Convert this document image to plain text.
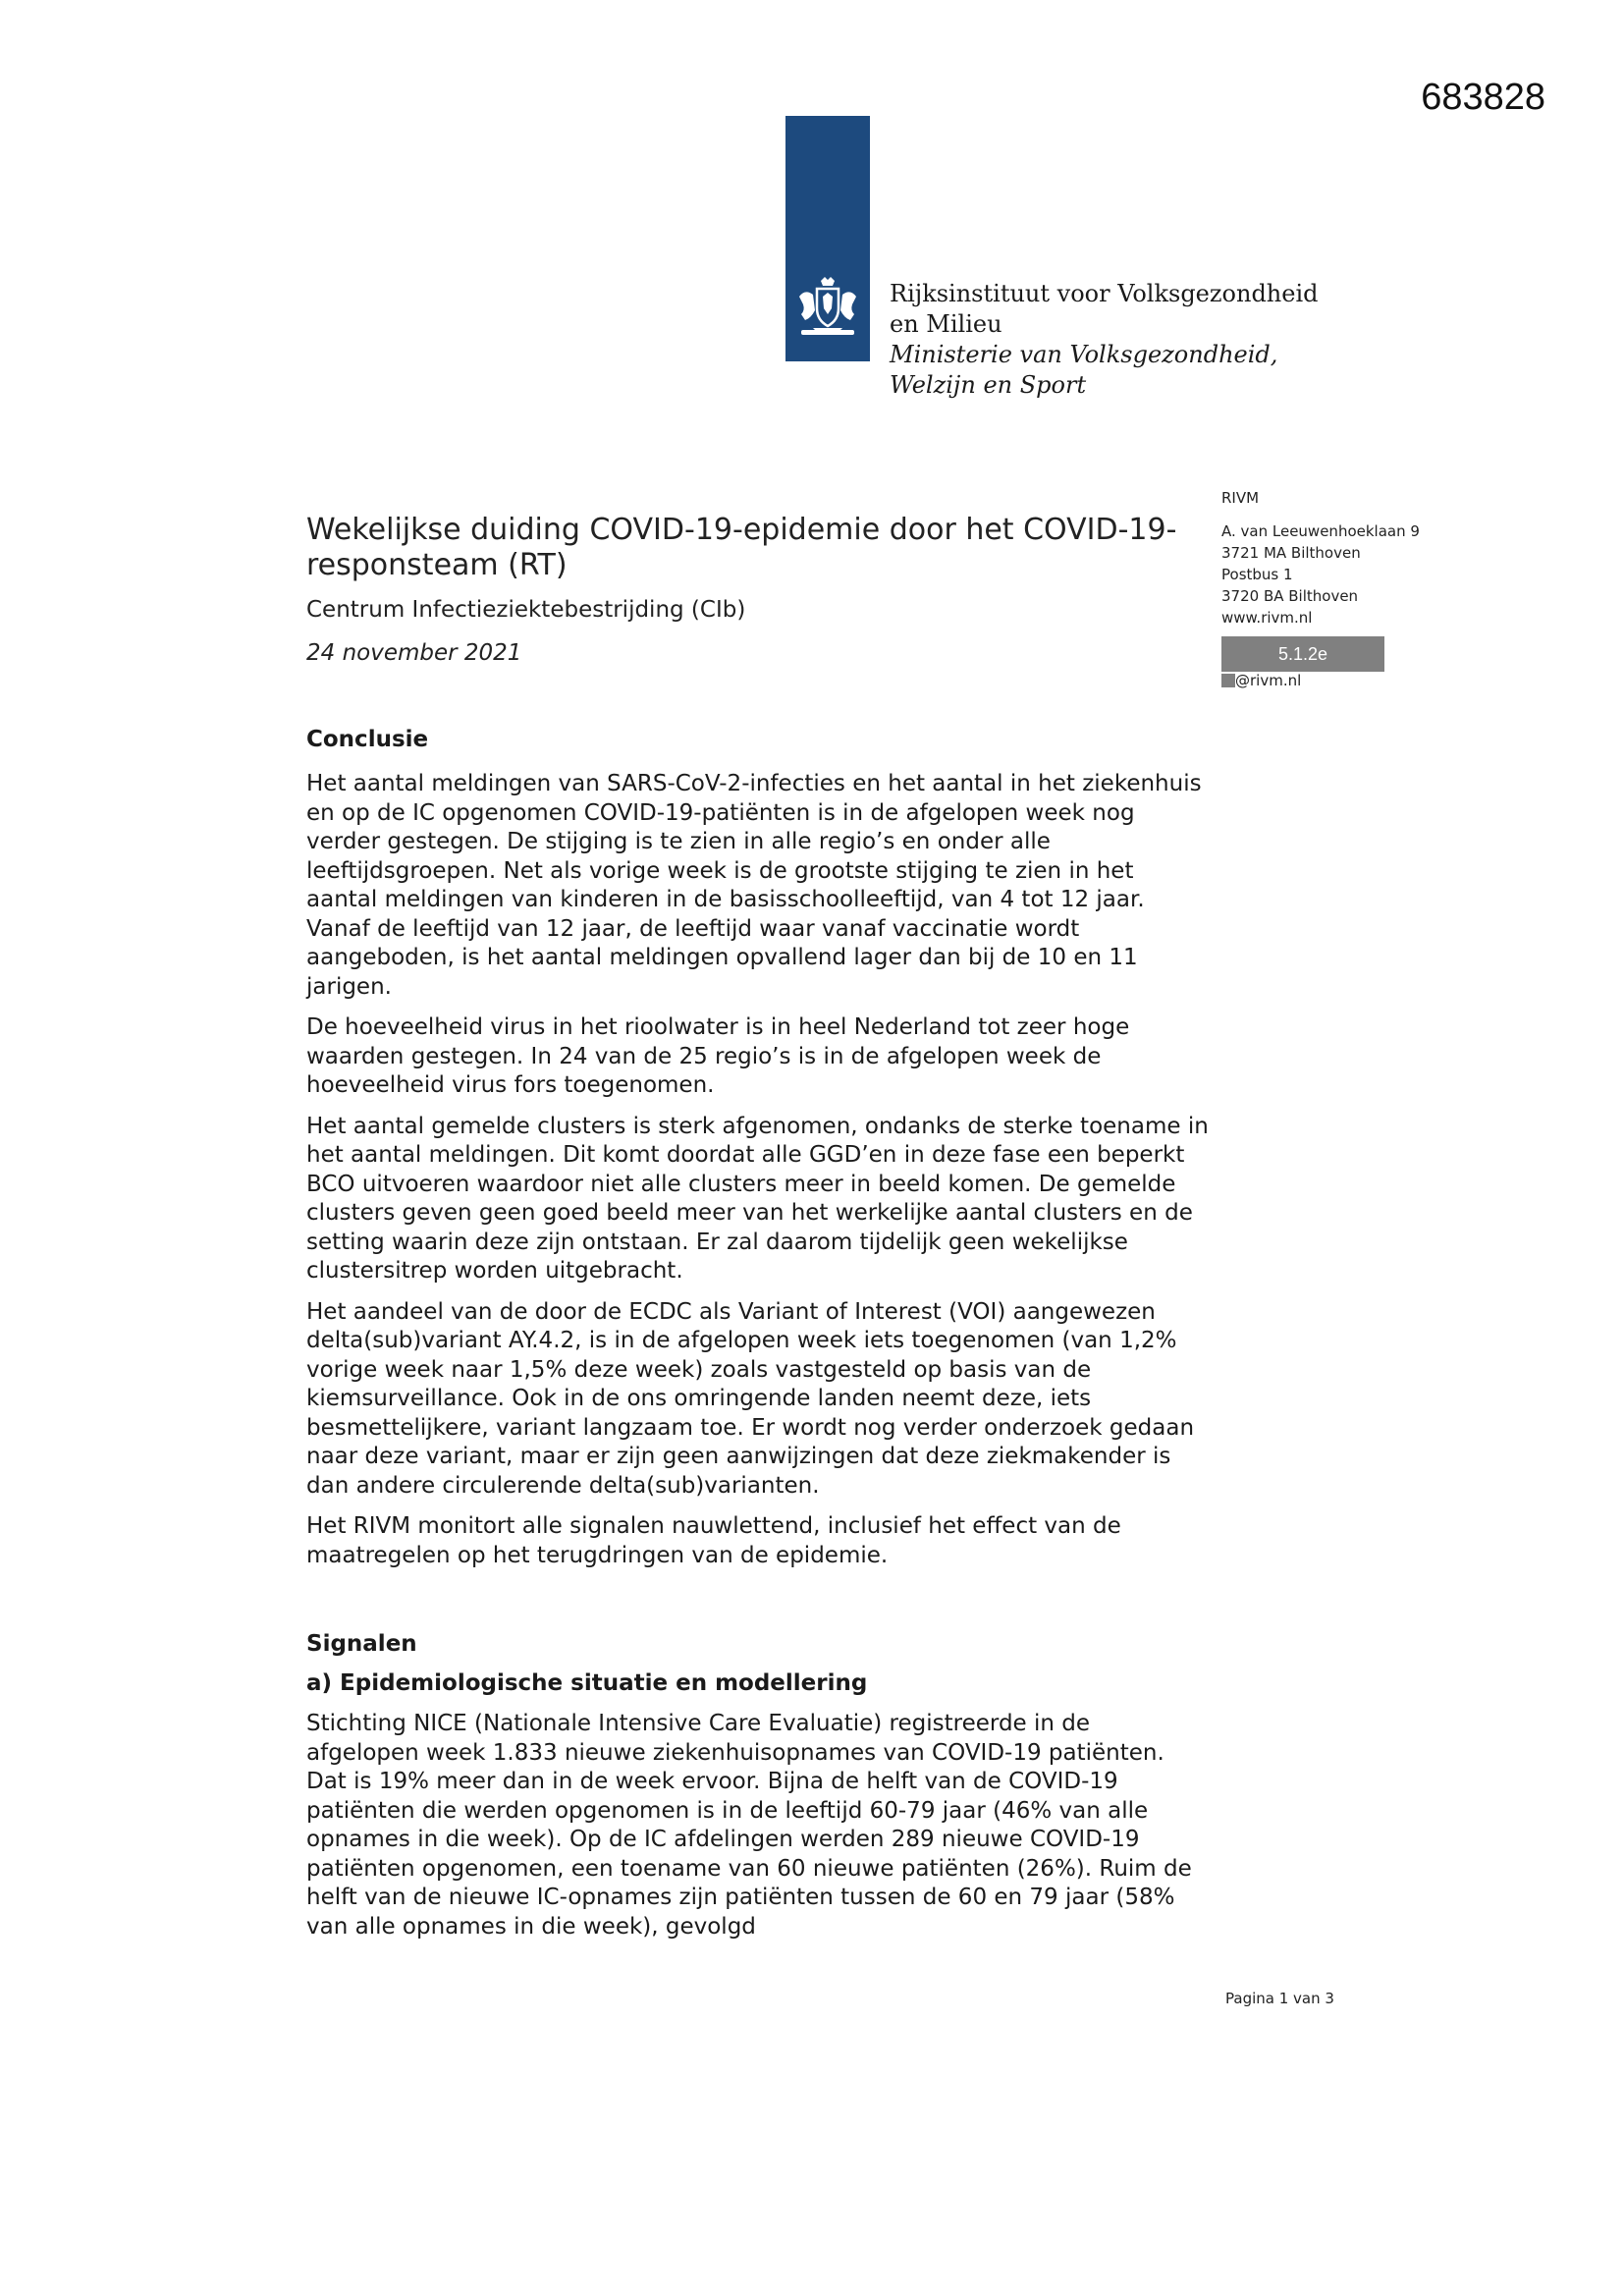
683828
Rijksinstituut voor Volksgezondheid
en Milieu
Ministerie van Volksgezondheid,
Welzijn en Sport
RIVM
A. van Leeuwenhoeklaan 9
3721 MA Bilthoven
Postbus 1
3720 BA Bilthoven
www.rivm.nl
5.1.2e
@rivm.nl
Wekelijkse duiding COVID-19-epidemie door het COVID-19-responsteam (RT)
Centrum Infectieziektebestrijding (CIb)
24 november 2021
Conclusie

Het aantal meldingen van SARS-CoV-2-infecties en het aantal in het ziekenhuis en op de IC opgenomen COVID-19-patiënten is in de afgelopen week nog verder gestegen. De stijging is te zien in alle regio’s en onder alle leeftijdsgroepen. Net als vorige week is de grootste stijging te zien in het aantal meldingen van kinderen in de basisschoolleeftijd, van 4 tot 12 jaar. Vanaf de leeftijd van 12 jaar, de leeftijd waar vanaf vaccinatie wordt aangeboden, is het aantal meldingen opvallend lager dan bij de 10 en 11 jarigen.

De hoeveelheid virus in het rioolwater is in heel Nederland tot zeer hoge waarden gestegen. In 24 van de 25 regio’s is in de afgelopen week de hoeveelheid virus fors toegenomen.

Het aantal gemelde clusters is sterk afgenomen, ondanks de sterke toename in het aantal meldingen. Dit komt doordat alle GGD’en in deze fase een beperkt BCO uitvoeren waardoor niet alle clusters meer in beeld komen. De gemelde clusters geven geen goed beeld meer van het werkelijke aantal clusters en de setting waarin deze zijn ontstaan. Er zal daarom tijdelijk geen wekelijkse clustersitrep worden uitgebracht.

Het aandeel van de door de ECDC als Variant of Interest (VOI) aangewezen delta(sub)variant AY.4.2, is in de afgelopen week iets toegenomen (van 1,2% vorige week naar 1,5% deze week) zoals vastgesteld op basis van de kiemsurveillance. Ook in de ons omringende landen neemt deze, iets besmettelijkere, variant langzaam toe. Er wordt nog verder onderzoek gedaan naar deze variant, maar er zijn geen aanwijzingen dat deze ziekmakender is dan andere circulerende delta(sub)varianten.

Het RIVM monitort alle signalen nauwlettend, inclusief het effect van de maatregelen op het terugdringen van de epidemie.

Signalen
a) Epidemiologische situatie en modellering

Stichting NICE (Nationale Intensive Care Evaluatie) registreerde in de afgelopen week 1.833 nieuwe ziekenhuisopnames van COVID-19 patiënten. Dat is 19% meer dan in de week ervoor. Bijna de helft van de COVID-19 patiënten die werden opgenomen is in de leeftijd 60-79 jaar (46% van alle opnames in die week). Op de IC afdelingen werden 289 nieuwe COVID-19 patiënten opgenomen, een toename van 60 nieuwe patiënten (26%). Ruim de helft van de nieuwe IC-opnames zijn patiënten tussen de 60 en 79 jaar (58% van alle opnames in die week), gevolgd

Pagina 1 van 3
